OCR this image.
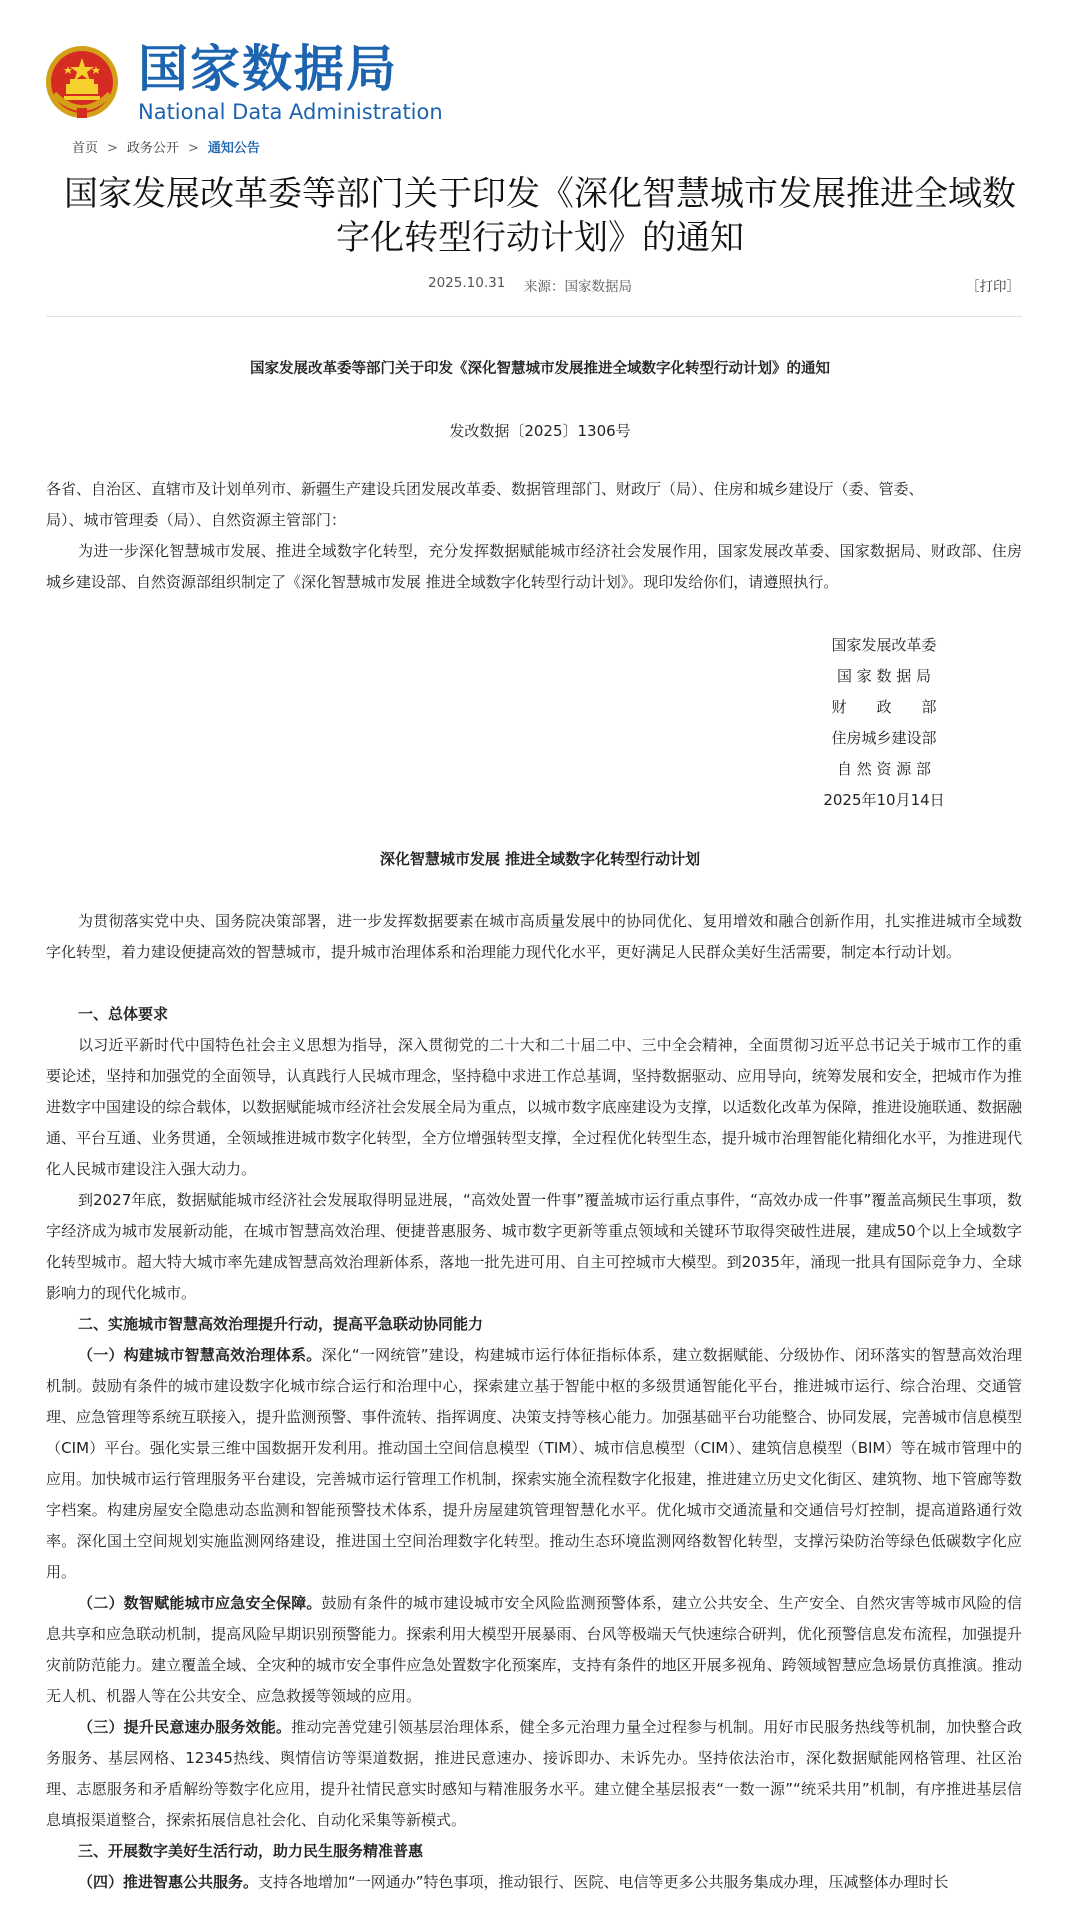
国家数据局
National Data Administration
首页 > 政务公开 > 通知公告
国家发展改革委等部门关于印发《深化智慧城市发展推进全域数
字化转型行动计划》的通知
2025.10.31 来源：国家数据局	［打印］
国家发展改革委等部门关于印发《深化智慧城市发展推进全域数字化转型行动计划》的通知
发改数据〔2025〕1306号
各省、自治区、直辖市及计划单列市、新疆生产建设兵团发展改革委、数据管理部门、财政厅（局）、住房和城乡建设厅（委、管委、
局）、城市管理委（局）、自然资源主管部门：
为进一步深化智慧城市发展、推进全域数字化转型，充分发挥数据赋能城市经济社会发展作用，国家发展改革委、国家数据局、财政部、住房城乡建设部、自然资源部组织制定了《深化智慧城市发展 推进全域数字化转型行动计划》。现印发给你们，请遵照执行。
国家发展改革委
国 家 数 据 局
财　　政　　部
住房城乡建设部
自 然 资 源 部
2025年10月14日
深化智慧城市发展 推进全域数字化转型行动计划
为贯彻落实党中央、国务院决策部署，进一步发挥数据要素在城市高质量发展中的协同优化、复用增效和融合创新作用，扎实推进城市全域数字化转型，着力建设便捷高效的智慧城市，提升城市治理体系和治理能力现代化水平，更好满足人民群众美好生活需要，制定本行动计划。
一、总体要求
以习近平新时代中国特色社会主义思想为指导，深入贯彻党的二十大和二十届二中、三中全会精神，全面贯彻习近平总书记关于城市工作的重要论述，坚持和加强党的全面领导，认真践行人民城市理念，坚持稳中求进工作总基调，坚持数据驱动、应用导向，统筹发展和安全，把城市作为推进数字中国建设的综合载体，以数据赋能城市经济社会发展全局为重点，以城市数字底座建设为支撑，以适数化改革为保障，推进设施联通、数据融通、平台互通、业务贯通，全领域推进城市数字化转型，全方位增强转型支撑，全过程优化转型生态，提升城市治理智能化精细化水平，为推进现代化人民城市建设注入强大动力。
到2027年底，数据赋能城市经济社会发展取得明显进展，“高效处置一件事”覆盖城市运行重点事件，“高效办成一件事”覆盖高频民生事项，数字经济成为城市发展新动能，在城市智慧高效治理、便捷普惠服务、城市数字更新等重点领域和关键环节取得突破性进展，建成50个以上全域数字化转型城市。超大特大城市率先建成智慧高效治理新体系，落地一批先进可用、自主可控城市大模型。到2035年，涌现一批具有国际竞争力、全球影响力的现代化城市。
二、实施城市智慧高效治理提升行动，提高平急联动协同能力
（一）构建城市智慧高效治理体系。深化“一网统管”建设，构建城市运行体征指标体系，建立数据赋能、分级协作、闭环落实的智慧高效治理机制。鼓励有条件的城市建设数字化城市综合运行和治理中心，探索建立基于智能中枢的多级贯通智能化平台，推进城市运行、综合治理、交通管理、应急管理等系统互联接入，提升监测预警、事件流转、指挥调度、决策支持等核心能力。加强基础平台功能整合、协同发展，完善城市信息模型（CIM）平台。强化实景三维中国数据开发利用。推动国土空间信息模型（TIM）、城市信息模型（CIM）、建筑信息模型（BIM）等在城市管理中的应用。加快城市运行管理服务平台建设，完善城市运行管理工作机制，探索实施全流程数字化报建，推进建立历史文化街区、建筑物、地下管廊等数字档案。构建房屋安全隐患动态监测和智能预警技术体系，提升房屋建筑管理智慧化水平。优化城市交通流量和交通信号灯控制，提高道路通行效率。深化国土空间规划实施监测网络建设，推进国土空间治理数字化转型。推动生态环境监测网络数智化转型，支撑污染防治等绿色低碳数字化应用。
（二）数智赋能城市应急安全保障。鼓励有条件的城市建设城市安全风险监测预警体系，建立公共安全、生产安全、自然灾害等城市风险的信息共享和应急联动机制，提高风险早期识别预警能力。探索利用大模型开展暴雨、台风等极端天气快速综合研判，优化预警信息发布流程，加强提升灾前防范能力。建立覆盖全域、全灾种的城市安全事件应急处置数字化预案库，支持有条件的地区开展多视角、跨领域智慧应急场景仿真推演。推动无人机、机器人等在公共安全、应急救援等领域的应用。
（三）提升民意速办服务效能。推动完善党建引领基层治理体系，健全多元治理力量全过程参与机制。用好市民服务热线等机制，加快整合政务服务、基层网格、12345热线、舆情信访等渠道数据，推进民意速办、接诉即办、未诉先办。坚持依法治市，深化数据赋能网格管理、社区治理、志愿服务和矛盾解纷等数字化应用，提升社情民意实时感知与精准服务水平。建立健全基层报表“一数一源”“统采共用”机制，有序推进基层信息填报渠道整合，探索拓展信息社会化、自动化采集等新模式。
三、开展数字美好生活行动，助力民生服务精准普惠
（四）推进智惠公共服务。支持各地增加“一网通办”特色事项，推动银行、医院、电信等更多公共服务集成办理，压减整体办理时长
